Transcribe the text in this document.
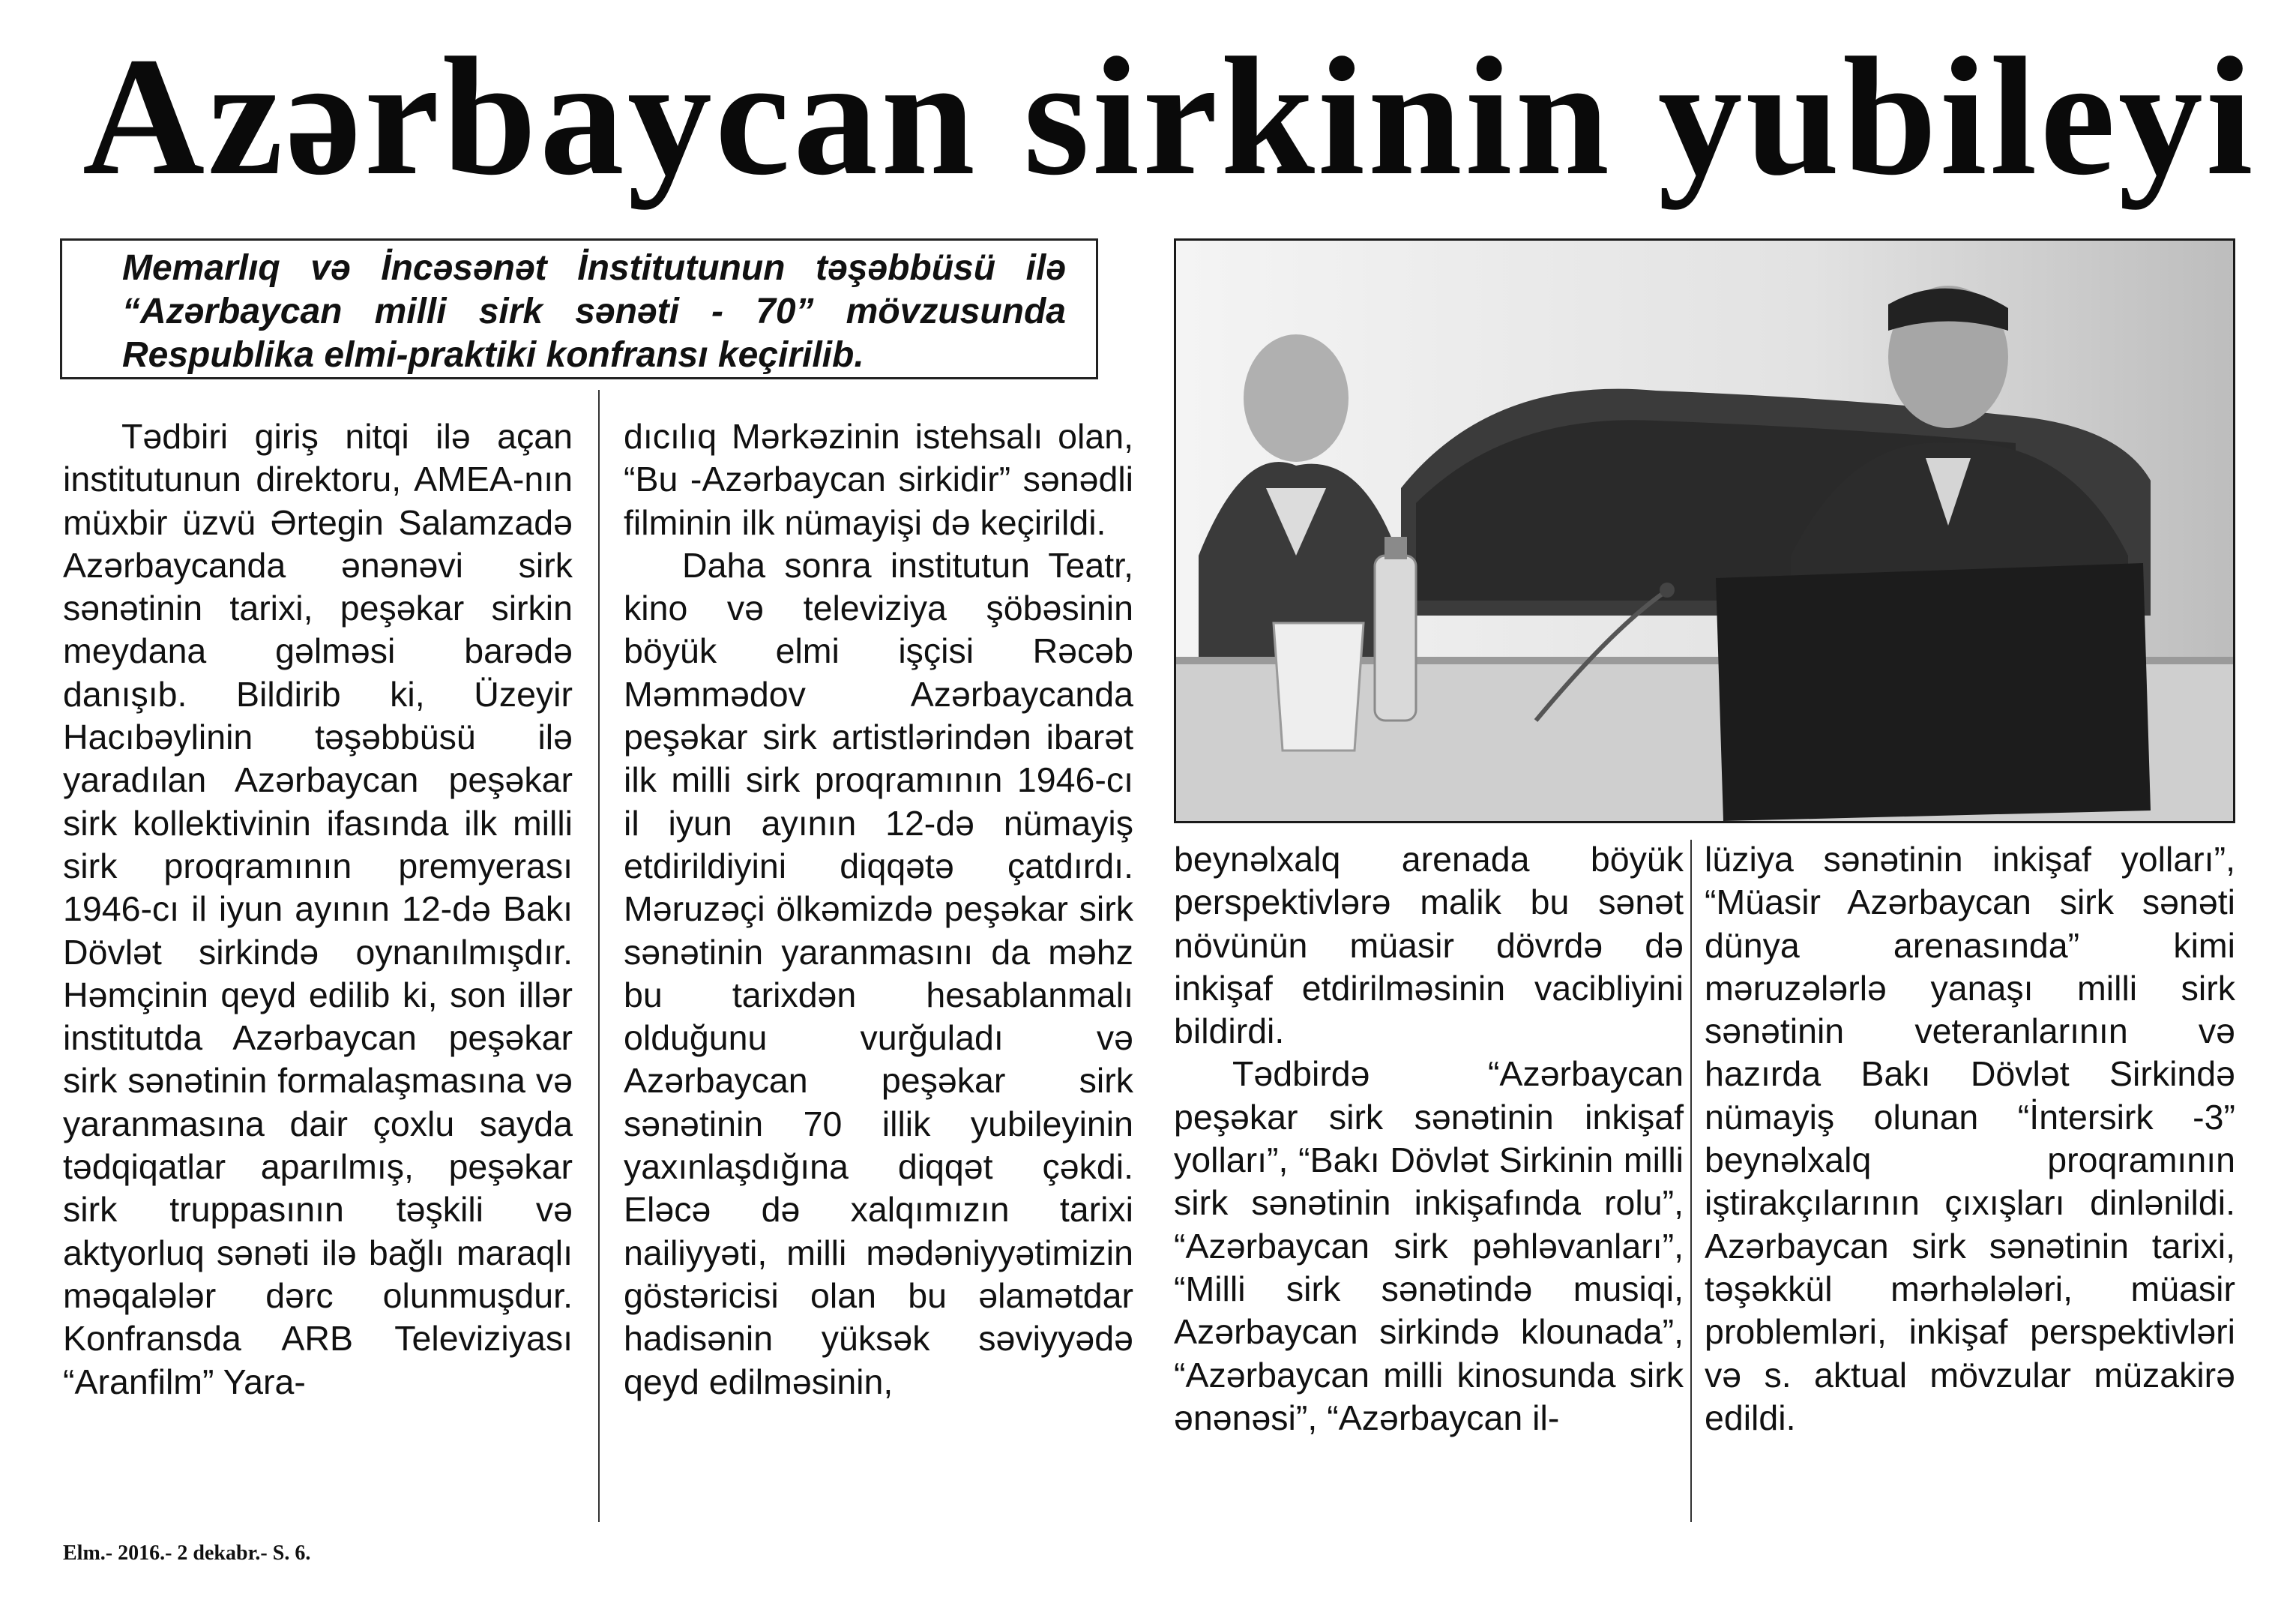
Azərbaycan sirkinin yubileyi

Memarlıq və İncəsənət İnstitutunun təşəbbüsü ilə “Azərbaycan milli sirk sənəti - 70” mövzusunda Respublika elmi-praktiki konfransı keçirilib.

Tədbiri giriş nitqi ilə açan institutunun direktoru, AMEA-nın müxbir üzvü Ərtegin Salamzadə Azərbaycanda ənənəvi sirk sənətinin tarixi, peşəkar sirkin meydana gəlməsi barədə danışıb. Bildirib ki, Üzeyir Hacıbəylinin təşəbbüsü ilə yaradılan Azərbaycan peşəkar sirk kollektivinin ifasında ilk milli sirk proqramının premyerası 1946-cı il iyun ayının 12-də Bakı Dövlət sirkində oynanılmışdır. Həmçinin qeyd edilib ki, son illər institutda Azərbaycan peşəkar sirk sənətinin formalaşmasına və yaranmasına dair çoxlu sayda tədqiqatlar aparılmış, peşəkar sirk truppasının təşkili və aktyorluq sənəti ilə bağlı maraqlı məqalələr dərc olunmuşdur. Konfransda ARB Televiziyası “Aranfilm” Yara-

dıcılıq Mərkəzinin istehsalı olan, “Bu -Azərbaycan sirkidir” sənədli filminin ilk nümayişi də keçirildi.

Daha sonra institutun Teatr, kino və televiziya şöbəsinin böyük elmi işçisi Rəcəb Məmmədov Azərbaycanda peşəkar sirk artistlərindən ibarət ilk milli sirk proqramının 1946-cı il iyun ayının 12-də nümayiş etdirildiyini diqqətə çatdırdı. Məruzəçi ölkəmizdə peşəkar sirk sənətinin yaranmasını da məhz bu tarixdən hesablanmalı olduğunu vurğuladı və Azərbaycan peşəkar sirk sənətinin 70 illik yubileyinin yaxınlaşdığına diqqət çəkdi. Eləcə də xalqımızın tarixi nailiyyəti, milli mədəniyyətimizin göstəricisi olan bu əlamətdar hadisənin yüksək səviyyədə qeyd edilməsinin,

beynəlxalq arenada böyük perspektivlərə malik bu sənət növünün müasir dövrdə də inkişaf etdirilməsinin vacibliyini bildirdi.

Tədbirdə “Azərbaycan peşəkar sirk sənətinin inkişaf yolları”, “Bakı Dövlət Sirkinin milli sirk sənətinin inkişafında rolu”, “Azərbaycan sirk pəhləvanları”, “Milli sirk sənətində musiqi, Azərbaycan sirkində klounada”, “Azərbaycan milli kinosunda sirk ənənəsi”, “Azərbaycan il-

lüziya sənətinin inkişaf yolları”, “Müasir Azərbaycan sirk sənəti dünya arenasında” kimi məruzələrlə yanaşı milli sirk sənətinin veteranlarının və hazırda Bakı Dövlət Sirkində nümayiş olunan “İntersirk -3” beynəlxalq proqramının iştirakçılarının çıxışları dinlənildi. Azərbaycan sirk sənətinin tarixi, təşəkkül mərhələləri, müasir problemləri, inkişaf perspektivləri və s. aktual mövzular müzakirə edildi.

Elm.- 2016.- 2 dekabr.- S. 6.
